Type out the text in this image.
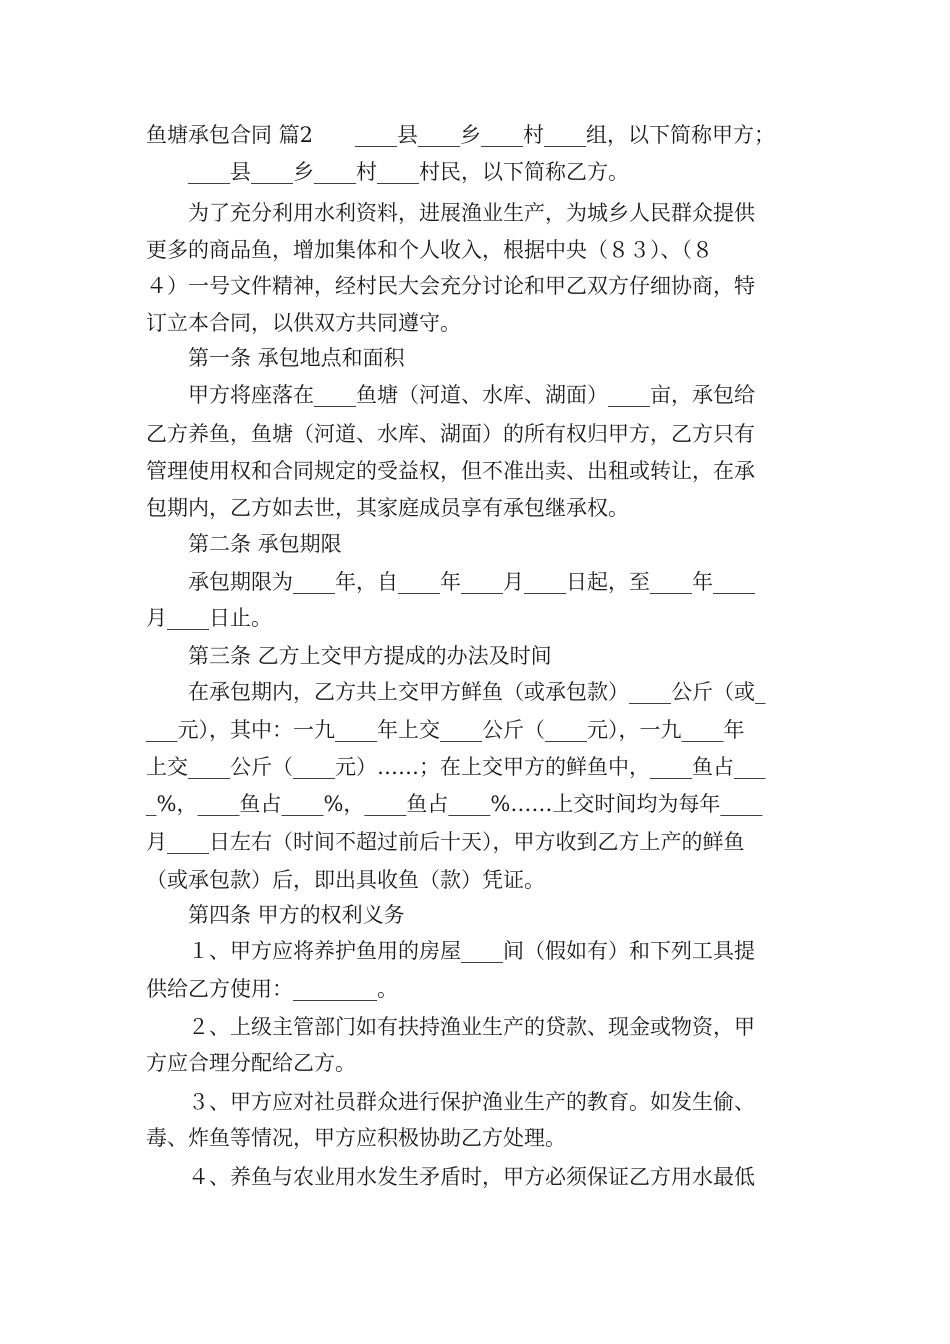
鱼塘承包合同 篇2　　____县____乡____村____组，以下简称甲方；
　　____县____乡____村____村民，以下简称乙方。
　　为了充分利用水利资料，进展渔业生产，为城乡人民群众提供
更多的商品鱼，增加集体和个人收入，根据中央（８３）、（８
４）一号文件精神，经村民大会充分讨论和甲乙双方仔细协商，特
订立本合同，以供双方共同遵守。
　　第一条 承包地点和面积
　　甲方将座落在____鱼塘（河道、水库、湖面）____亩，承包给
乙方养鱼，鱼塘（河道、水库、湖面）的所有权归甲方，乙方只有
管理使用权和合同规定的受益权，但不准出卖、出租或转让，在承
包期内，乙方如去世，其家庭成员享有承包继承权。
　　第二条 承包期限
　　承包期限为____年，自____年____月____日起，至____年____
月____日止。
　　第三条 乙方上交甲方提成的办法及时间
　　在承包期内，乙方共上交甲方鲜鱼（或承包款）____公斤（或_
___元），其中：一九____年上交____公斤（____元），一九____年
上交____公斤（____元）……；在上交甲方的鲜鱼中，____鱼占___
_%，____鱼占____%，____鱼占____%……上交时间均为每年____
月____日左右（时间不超过前后十天），甲方收到乙方上产的鲜鱼
（或承包款）后，即出具收鱼（款）凭证。
　　第四条 甲方的权利义务
　　１、甲方应将养护鱼用的房屋____间（假如有）和下列工具提
供给乙方使用：________。
　　２、上级主管部门如有扶持渔业生产的贷款、现金或物资，甲
方应合理分配给乙方。
　　３、甲方应对社员群众进行保护渔业生产的教育。如发生偷、
毒、炸鱼等情况，甲方应积极协助乙方处理。
　　４、养鱼与农业用水发生矛盾时，甲方必须保证乙方用水最低
